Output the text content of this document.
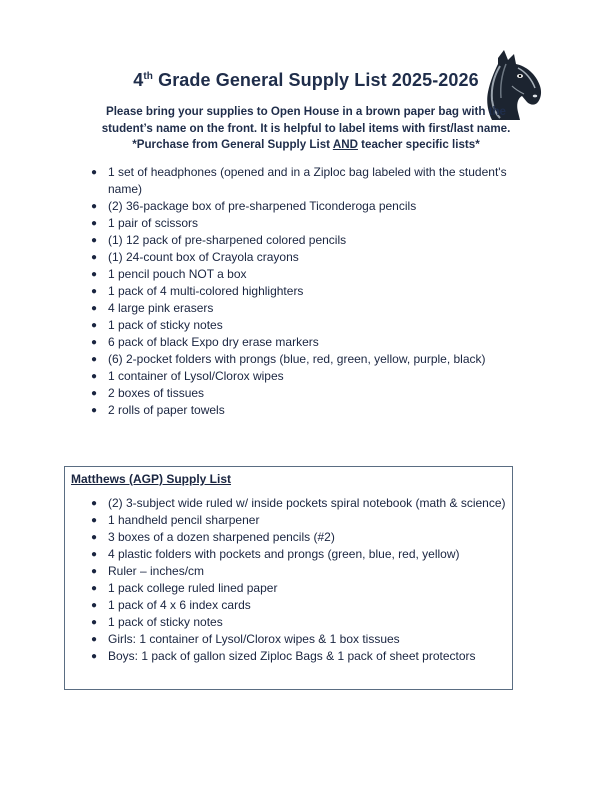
4th Grade General Supply List 2025-2026
Please bring your supplies to Open House in a brown paper bag with the
student’s name on the front. It is helpful to label items with first/last name.
*Purchase from General Supply List AND teacher specific lists*
● 1 set of headphones (opened and in a Ziploc bag labeled with the student's name)
● (2) 36-package box of pre-sharpened Ticonderoga pencils
● 1 pair of scissors
● (1) 12 pack of pre-sharpened colored pencils
● (1) 24-count box of Crayola crayons
● 1 pencil pouch NOT a box
● 1 pack of 4 multi-colored highlighters
● 4 large pink erasers
● 1 pack of sticky notes
● 6 pack of black Expo dry erase markers
● (6) 2-pocket folders with prongs (blue, red, green, yellow, purple, black)
● 1 container of Lysol/Clorox wipes
● 2 boxes of tissues
● 2 rolls of paper towels
Matthews (AGP) Supply List
● (2) 3-subject wide ruled w/ inside pockets spiral notebook (math & science)
● 1 handheld pencil sharpener
● 3 boxes of a dozen sharpened pencils (#2)
● 4 plastic folders with pockets and prongs (green, blue, red, yellow)
● Ruler – inches/cm
● 1 pack college ruled lined paper
● 1 pack of 4 x 6 index cards
● 1 pack of sticky notes
● Girls: 1 container of Lysol/Clorox wipes & 1 box tissues
● Boys: 1 pack of gallon sized Ziploc Bags & 1 pack of sheet protectors
